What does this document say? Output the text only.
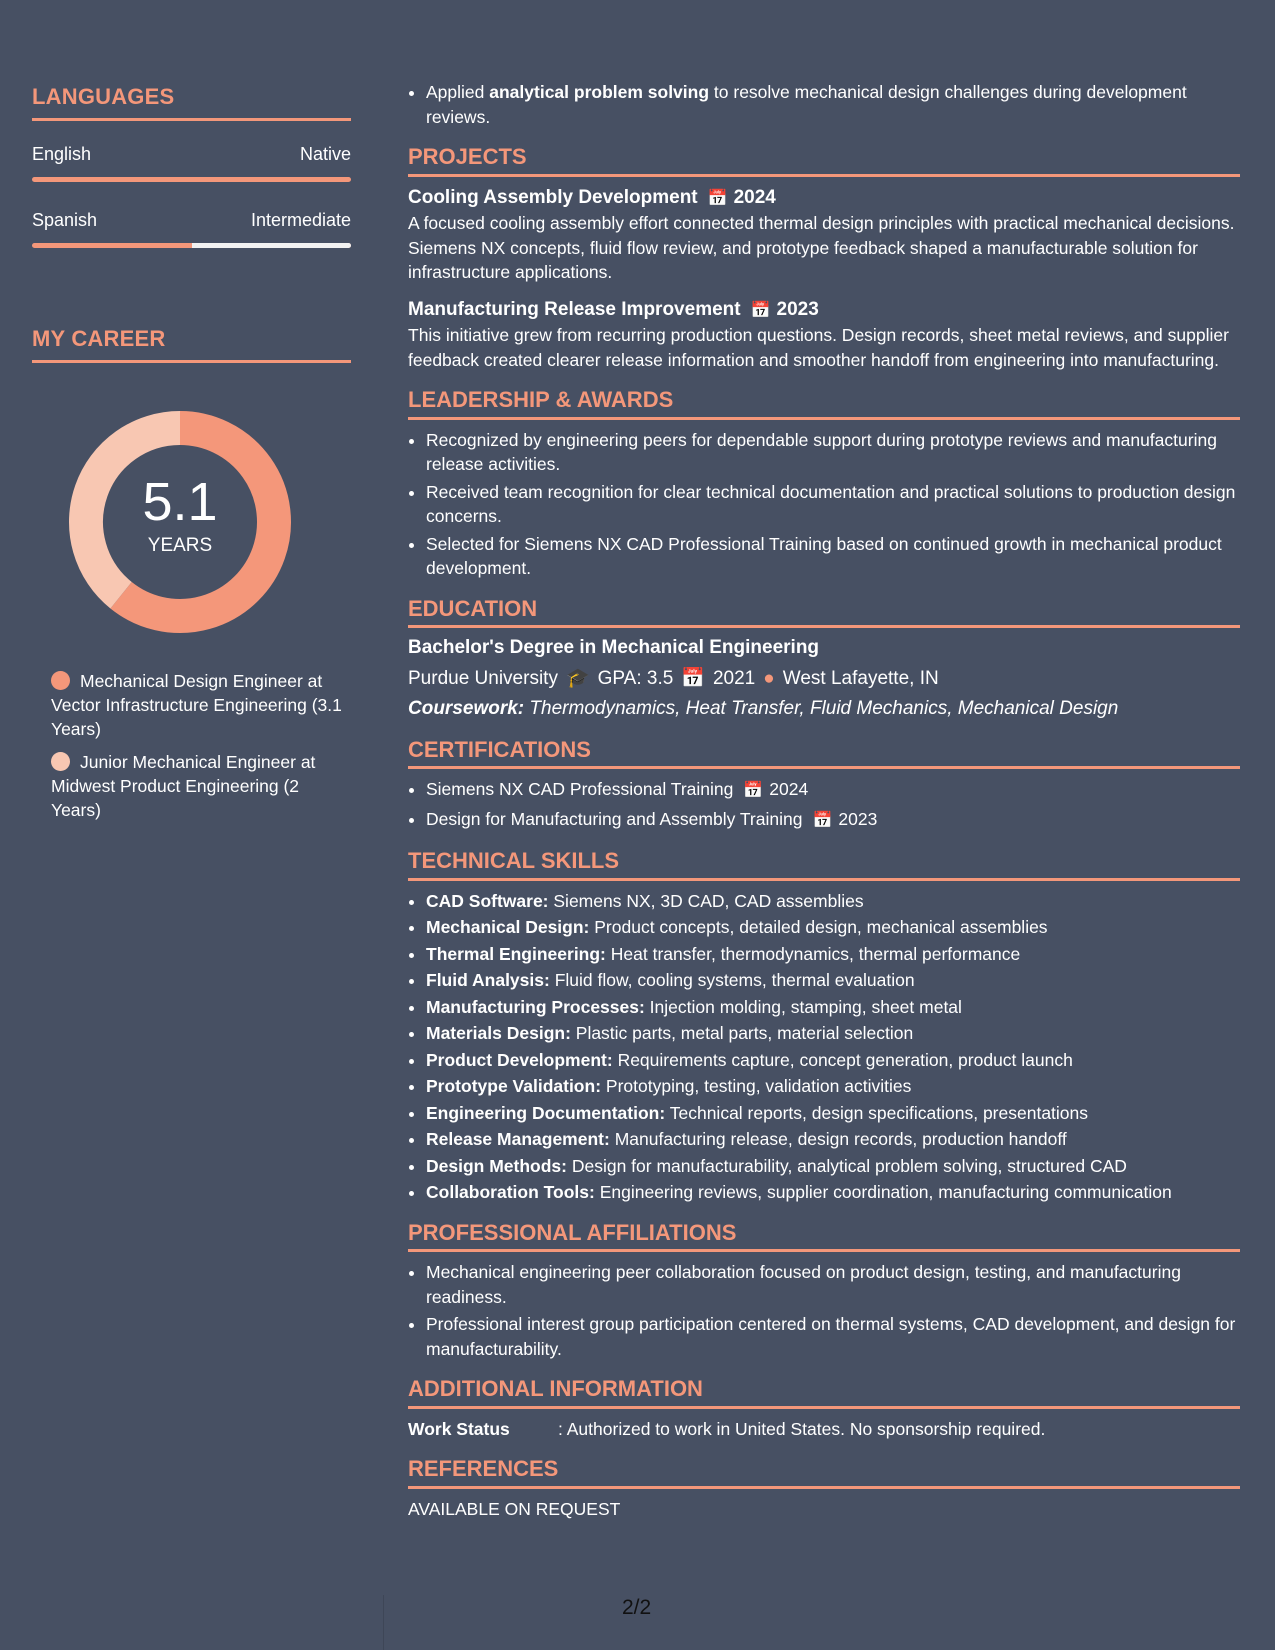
LANGUAGES
English	Native
Spanish	Intermediate
MY CAREER
5.1
YEARS
Mechanical Design Engineer at Vector Infrastructure Engineering (3.1 Years)
Junior Mechanical Engineer at Midwest Product Engineering (2 Years)
• Applied analytical problem solving to resolve mechanical design challenges during development reviews.
PROJECTS
Cooling Assembly Development 📅 2024
A focused cooling assembly effort connected thermal design principles with practical mechanical decisions. Siemens NX concepts, fluid flow review, and prototype feedback shaped a manufacturable solution for infrastructure applications.
Manufacturing Release Improvement 📅 2023
This initiative grew from recurring production questions. Design records, sheet metal reviews, and supplier feedback created clearer release information and smoother handoff from engineering into manufacturing.
LEADERSHIP & AWARDS
• Recognized by engineering peers for dependable support during prototype reviews and manufacturing release activities.
• Received team recognition for clear technical documentation and practical solutions to production design concerns.
• Selected for Siemens NX CAD Professional Training based on continued growth in mechanical product development.
EDUCATION
Bachelor's Degree in Mechanical Engineering
Purdue University 🎓 GPA: 3.5 📅 2021 ● West Lafayette, IN
Coursework: Thermodynamics, Heat Transfer, Fluid Mechanics, Mechanical Design
CERTIFICATIONS
• Siemens NX CAD Professional Training 📅 2024
• Design for Manufacturing and Assembly Training 📅 2023
TECHNICAL SKILLS
• CAD Software: Siemens NX, 3D CAD, CAD assemblies
• Mechanical Design: Product concepts, detailed design, mechanical assemblies
• Thermal Engineering: Heat transfer, thermodynamics, thermal performance
• Fluid Analysis: Fluid flow, cooling systems, thermal evaluation
• Manufacturing Processes: Injection molding, stamping, sheet metal
• Materials Design: Plastic parts, metal parts, material selection
• Product Development: Requirements capture, concept generation, product launch
• Prototype Validation: Prototyping, testing, validation activities
• Engineering Documentation: Technical reports, design specifications, presentations
• Release Management: Manufacturing release, design records, production handoff
• Design Methods: Design for manufacturability, analytical problem solving, structured CAD
• Collaboration Tools: Engineering reviews, supplier coordination, manufacturing communication
PROFESSIONAL AFFILIATIONS
• Mechanical engineering peer collaboration focused on product design, testing, and manufacturing readiness.
• Professional interest group participation centered on thermal systems, CAD development, and design for manufacturability.
ADDITIONAL INFORMATION
Work Status	: Authorized to work in United States. No sponsorship required.
REFERENCES
AVAILABLE ON REQUEST
2/2
